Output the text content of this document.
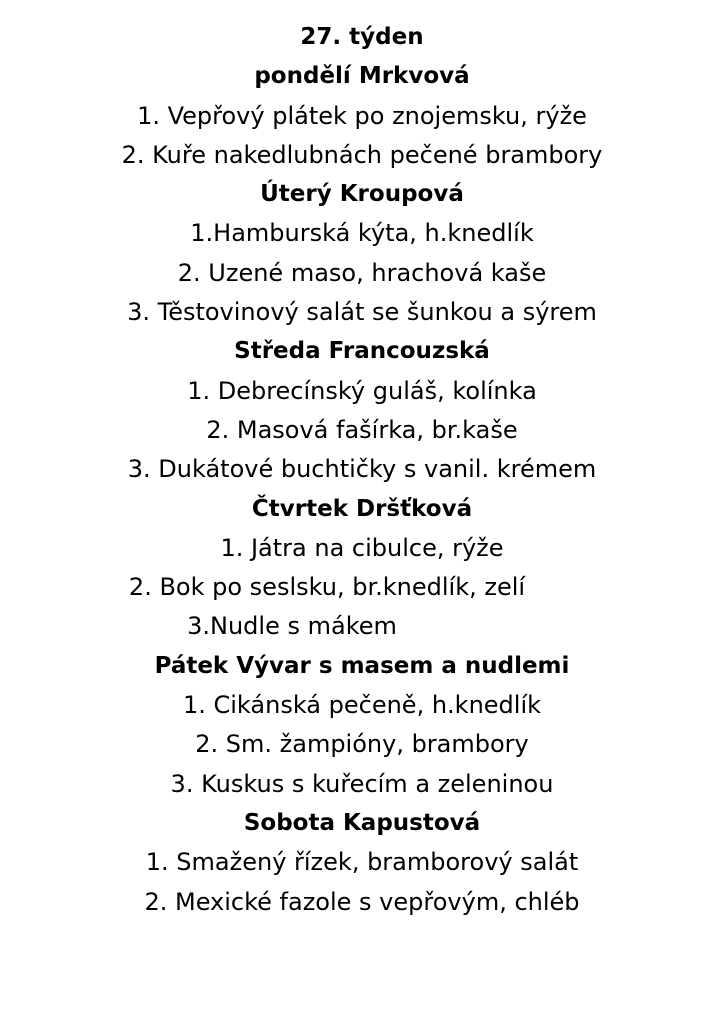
27. týden
pondělí Mrkvová
1. Vepřový plátek po znojemsku, rýže
2. Kuře nakedlubnách pečené brambory
Úterý Kroupová
1.Hamburská kýta, h.knedlík
2. Uzené maso, hrachová kaše
3. Těstovinový salát se šunkou a sýrem
Středa Francouzská
1. Debrecínský guláš, kolínka
2. Masová fašírka, br.kaše
3. Dukátové buchtičky s vanil. krémem
Čtvrtek Dršťková
1. Játra na cibulce, rýže
2. Bok po seslsku, br.knedlík, zelí
3.Nudle s mákem
Pátek Vývar s masem a nudlemi
1. Cikánská pečeně, h.knedlík
2. Sm. žampióny, brambory
3. Kuskus s kuřecím a zeleninou
Sobota Kapustová
1. Smažený řízek, bramborový salát
2. Mexické fazole s vepřovým, chléb
